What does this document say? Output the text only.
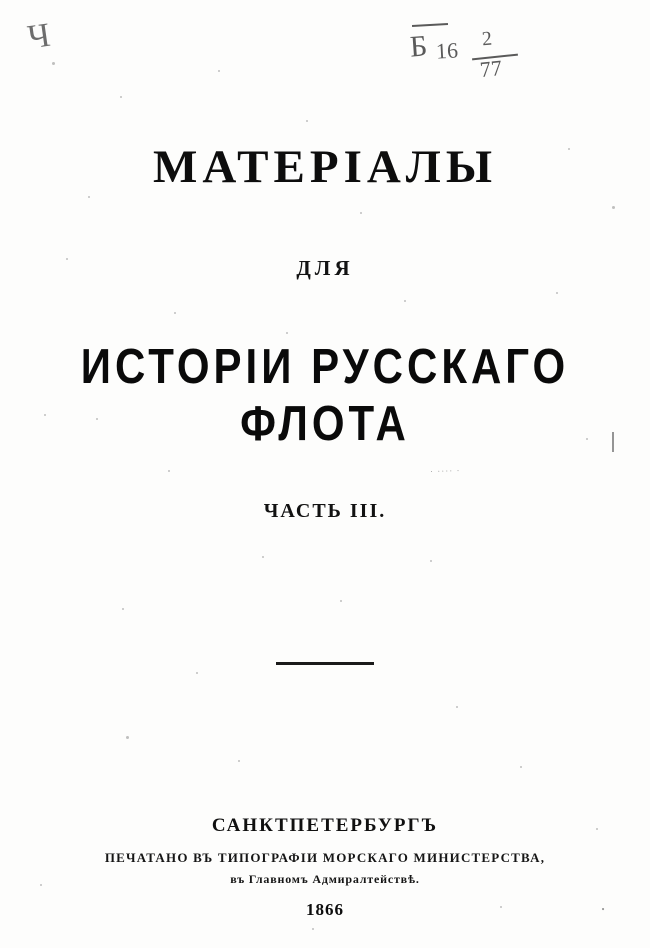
Ч	Б 16 2
77
· ···· ·
·
МАТЕРІАЛЫ
ДЛЯ
ИСТОРІИ РУССКАГО ФЛОТА
ЧАСТЬ III.
САНКТПЕТЕРБУРГЪ
ПЕЧАТАНО ВЪ ТИПОГРАФІИ МОРСКАГО МИНИСТЕРСТВА,
въ Главномъ Адмиралтействѣ.
1866
